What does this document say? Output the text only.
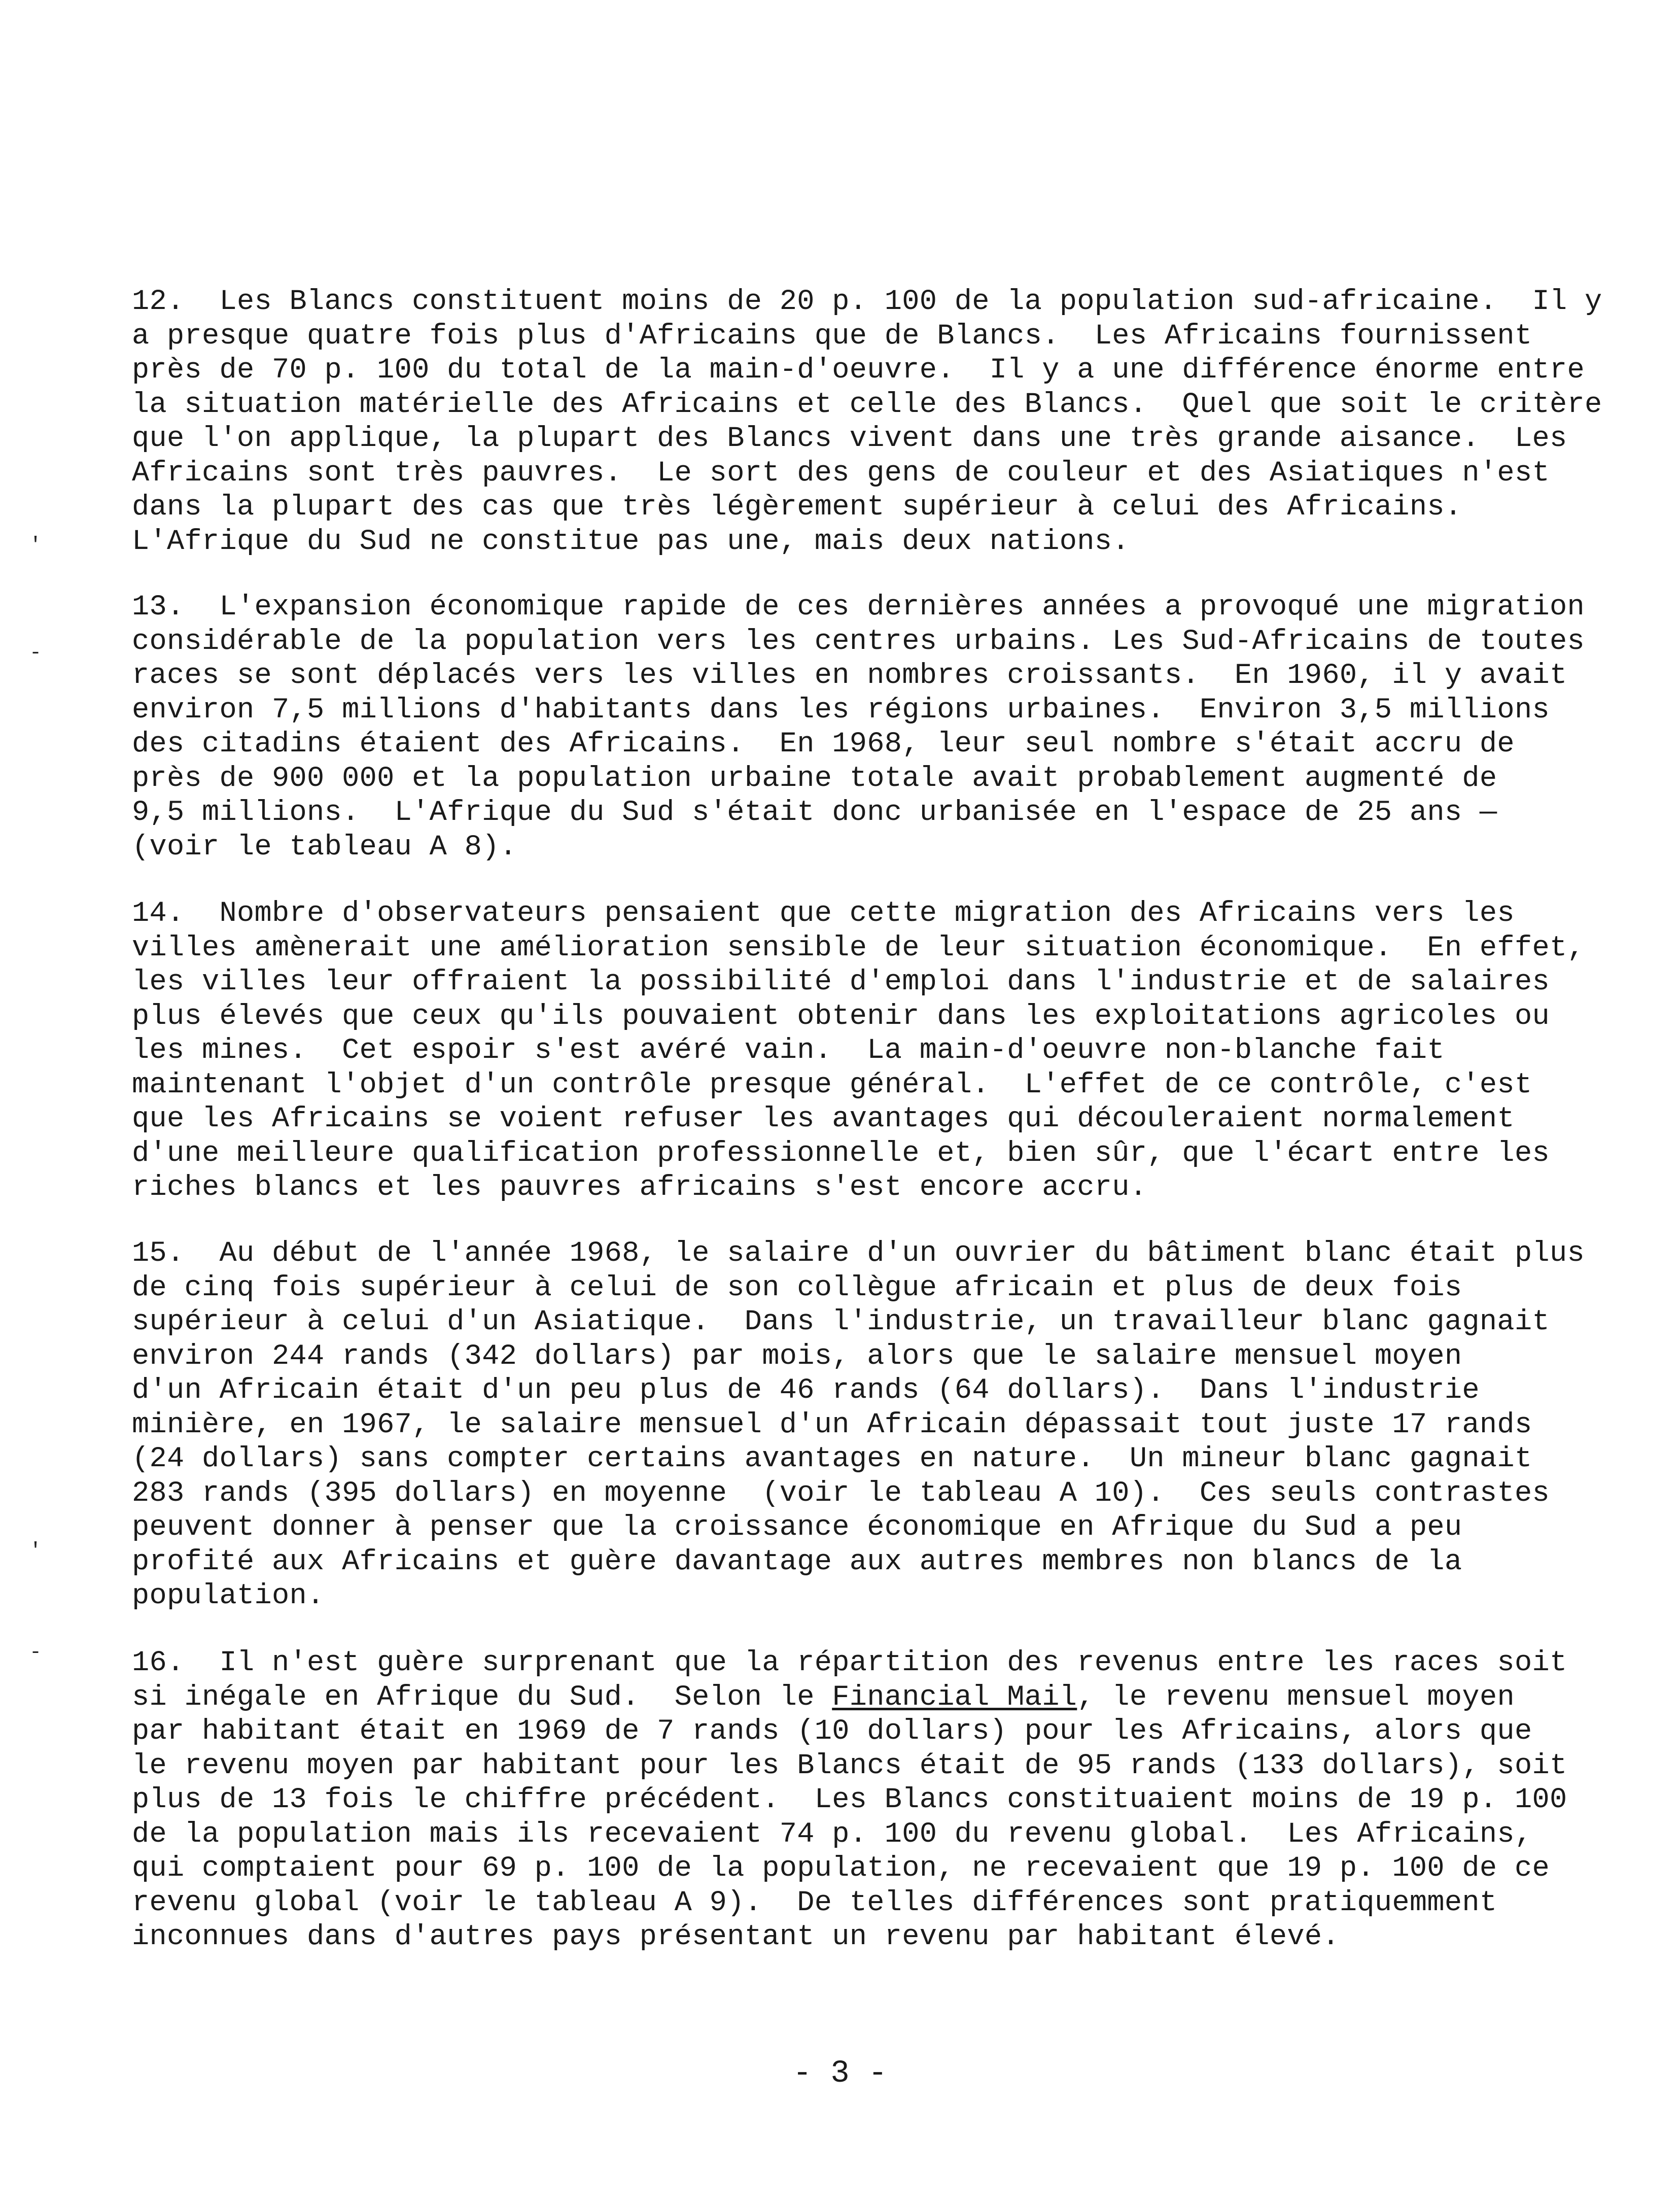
'
-
'
-
12.  Les Blancs constituent moins de 20 p. 100 de la population sud-africaine.  Il y
a presque quatre fois plus d'Africains que de Blancs.  Les Africains fournissent
près de 70 p. 100 du total de la main-d'oeuvre.  Il y a une différence énorme entre
la situation matérielle des Africains et celle des Blancs.  Quel que soit le critère
que l'on applique, la plupart des Blancs vivent dans une très grande aisance.  Les
Africains sont très pauvres.  Le sort des gens de couleur et des Asiatiques n'est
dans la plupart des cas que très légèrement supérieur à celui des Africains.
L'Afrique du Sud ne constitue pas une, mais deux nations.
13.  L'expansion économique rapide de ces dernières années a provoqué une migration
considérable de la population vers les centres urbains. Les Sud-Africains de toutes
races se sont déplacés vers les villes en nombres croissants.  En 1960, il y avait
environ 7,5 millions d'habitants dans les régions urbaines.  Environ 3,5 millions
des citadins étaient des Africains.  En 1968, leur seul nombre s'était accru de
près de 900 000 et la population urbaine totale avait probablement augmenté de
9,5 millions.  L'Afrique du Sud s'était donc urbanisée en l'espace de 25 ans —
(voir le tableau A 8).
14.  Nombre d'observateurs pensaient que cette migration des Africains vers les
villes amènerait une amélioration sensible de leur situation économique.  En effet,
les villes leur offraient la possibilité d'emploi dans l'industrie et de salaires
plus élevés que ceux qu'ils pouvaient obtenir dans les exploitations agricoles ou
les mines.  Cet espoir s'est avéré vain.  La main-d'oeuvre non-blanche fait
maintenant l'objet d'un contrôle presque général.  L'effet de ce contrôle, c'est
que les Africains se voient refuser les avantages qui découleraient normalement
d'une meilleure qualification professionnelle et, bien sûr, que l'écart entre les
riches blancs et les pauvres africains s'est encore accru.
15.  Au début de l'année 1968, le salaire d'un ouvrier du bâtiment blanc était plus
de cinq fois supérieur à celui de son collègue africain et plus de deux fois
supérieur à celui d'un Asiatique.  Dans l'industrie, un travailleur blanc gagnait
environ 244 rands (342 dollars) par mois, alors que le salaire mensuel moyen
d'un Africain était d'un peu plus de 46 rands (64 dollars).  Dans l'industrie
minière, en 1967, le salaire mensuel d'un Africain dépassait tout juste 17 rands
(24 dollars) sans compter certains avantages en nature.  Un mineur blanc gagnait
283 rands (395 dollars) en moyenne  (voir le tableau A 10).  Ces seuls contrastes
peuvent donner à penser que la croissance économique en Afrique du Sud a peu
profité aux Africains et guère davantage aux autres membres non blancs de la
population.
16.  Il n'est guère surprenant que la répartition des revenus entre les races soit
si inégale en Afrique du Sud.  Selon le Financial Mail, le revenu mensuel moyen
par habitant était en 1969 de 7 rands (10 dollars) pour les Africains, alors que
le revenu moyen par habitant pour les Blancs était de 95 rands (133 dollars), soit
plus de 13 fois le chiffre précédent.  Les Blancs constituaient moins de 19 p. 100
de la population mais ils recevaient 74 p. 100 du revenu global.  Les Africains,
qui comptaient pour 69 p. 100 de la population, ne recevaient que 19 p. 100 de ce
revenu global (voir le tableau A 9).  De telles différences sont pratiquemment
inconnues dans d'autres pays présentant un revenu par habitant élevé.
- 3 -
